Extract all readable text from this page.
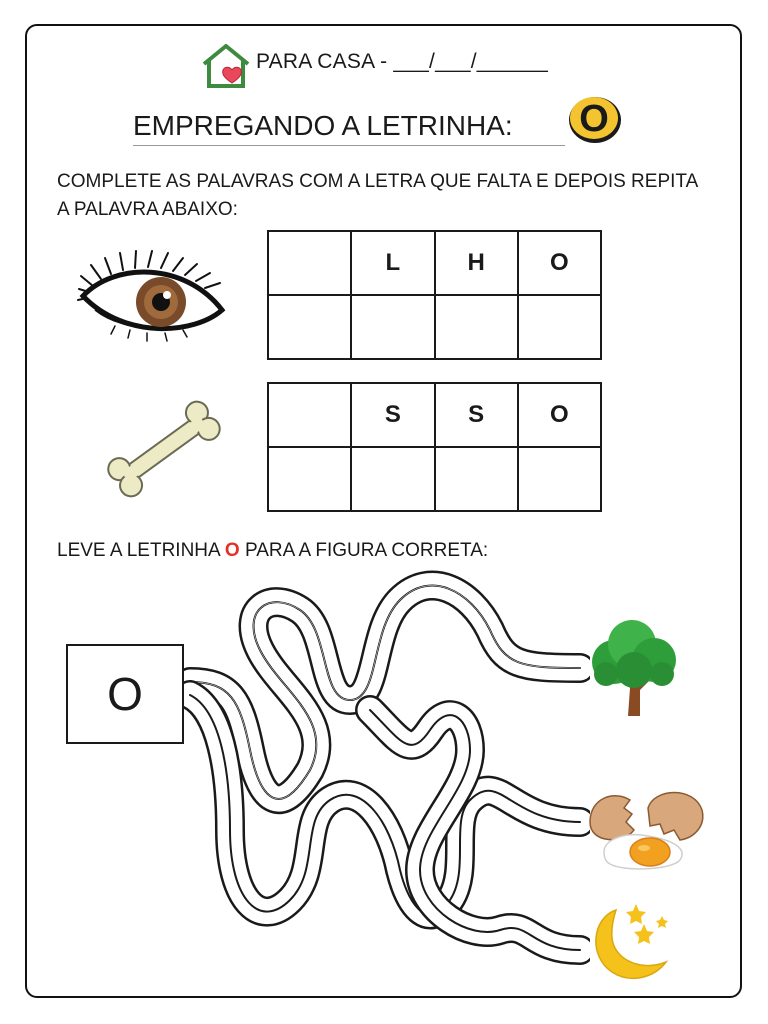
PARA CASA - ___/___/______
EMPREGANDO A LETRINHA: O
COMPLETE AS PALAVRAS COM A LETRA QUE FALTA E DEPOIS REPITA A PALAVRA ABAIXO:
	L	H	O

	S	S	O

LEVE A LETRINHA O PARA A FIGURA CORRETA:
O
